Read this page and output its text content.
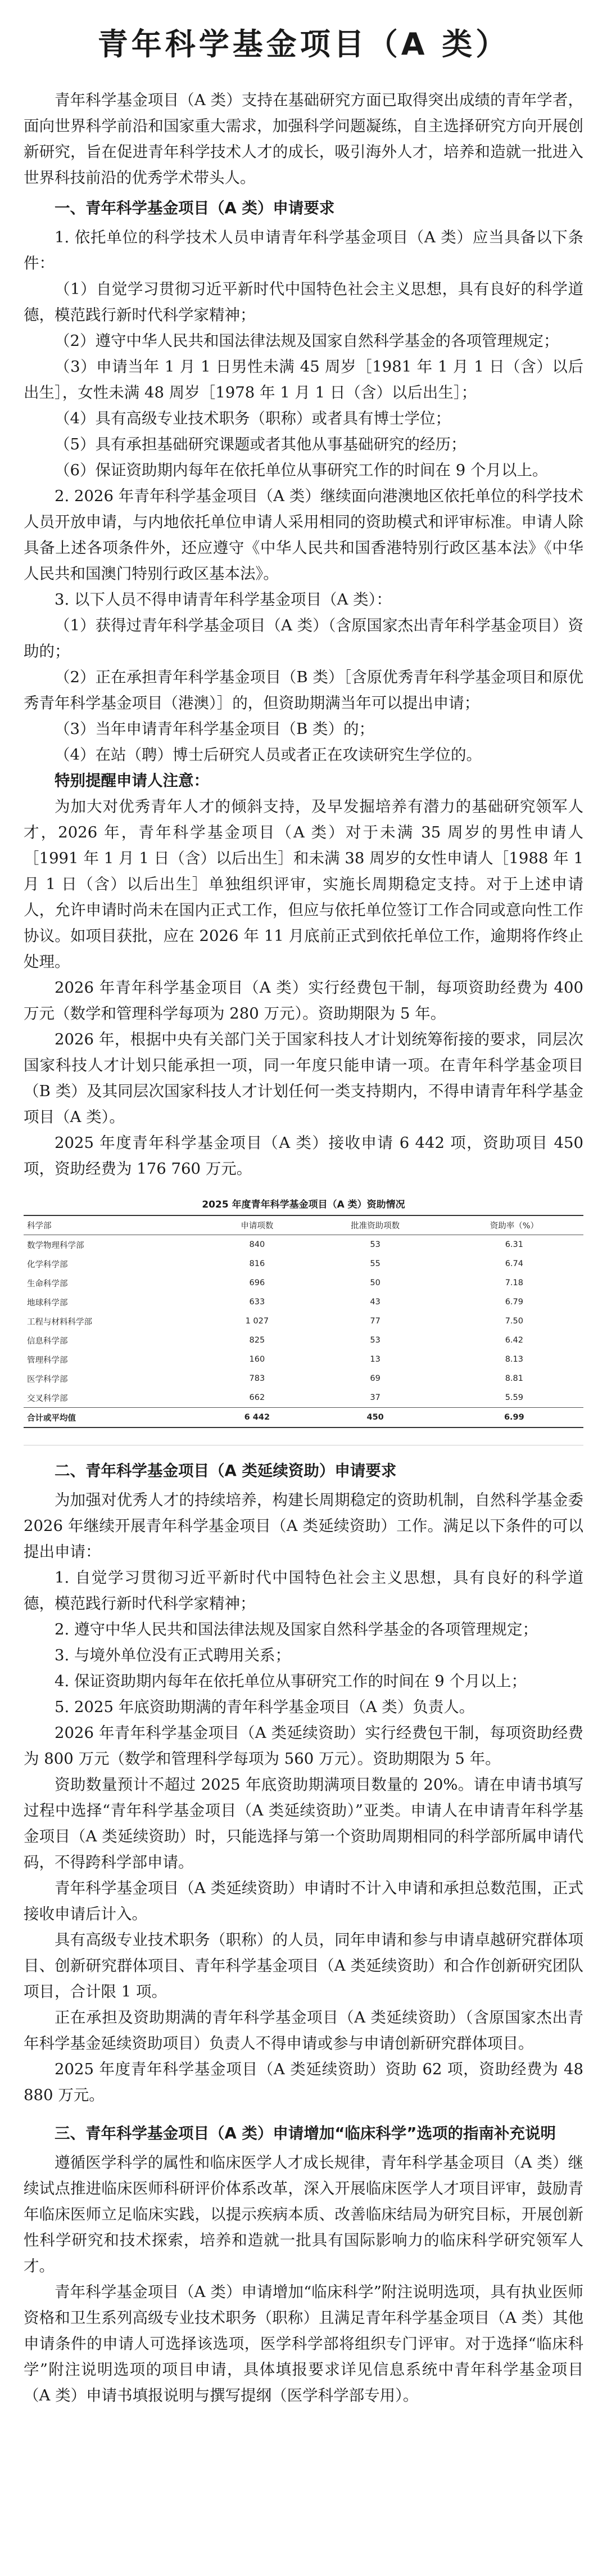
青年科学基金项目（A 类）

青年科学基金项目（A 类）支持在基础研究方面已取得突出成绩的青年学者，面向世界科学前沿和国家重大需求，加强科学问题凝练，自主选择研究方向开展创新研究，旨在促进青年科学技术人才的成长，吸引海外人才，培养和造就一批进入世界科技前沿的优秀学术带头人。

一、青年科学基金项目（A 类）申请要求

1. 依托单位的科学技术人员申请青年科学基金项目（A 类）应当具备以下条件：

（1）自觉学习贯彻习近平新时代中国特色社会主义思想，具有良好的科学道德，模范践行新时代科学家精神；

（2）遵守中华人民共和国法律法规及国家自然科学基金的各项管理规定；

（3）申请当年 1 月 1 日男性未满 45 周岁［1981 年 1 月 1 日（含）以后出生］，女性未满 48 周岁［1978 年 1 月 1 日（含）以后出生］；

（4）具有高级专业技术职务（职称）或者具有博士学位；

（5）具有承担基础研究课题或者其他从事基础研究的经历；

（6）保证资助期内每年在依托单位从事研究工作的时间在 9 个月以上。

2. 2026 年青年科学基金项目（A 类）继续面向港澳地区依托单位的科学技术人员开放申请，与内地依托单位申请人采用相同的资助模式和评审标准。申请人除具备上述各项条件外，还应遵守《中华人民共和国香港特别行政区基本法》《中华人民共和国澳门特别行政区基本法》。

3. 以下人员不得申请青年科学基金项目（A 类）：

（1）获得过青年科学基金项目（A 类）（含原国家杰出青年科学基金项目）资助的；

（2）正在承担青年科学基金项目（B 类）［含原优秀青年科学基金项目和原优秀青年科学基金项目（港澳）］的，但资助期满当年可以提出申请；

（3）当年申请青年科学基金项目（B 类）的；

（4）在站（聘）博士后研究人员或者正在攻读研究生学位的。

特别提醒申请人注意：

为加大对优秀青年人才的倾斜支持，及早发掘培养有潜力的基础研究领军人才，2026 年，青年科学基金项目（A 类）对于未满 35 周岁的男性申请人［1991 年 1 月 1 日（含）以后出生］和未满 38 周岁的女性申请人［1988 年 1 月 1 日（含）以后出生］单独组织评审，实施长周期稳定支持。对于上述申请人，允许申请时尚未在国内正式工作，但应与依托单位签订工作合同或意向性工作协议。如项目获批，应在 2026 年 11 月底前正式到依托单位工作，逾期将作终止处理。

2026 年青年科学基金项目（A 类）实行经费包干制，每项资助经费为 400 万元（数学和管理科学每项为 280 万元）。资助期限为 5 年。

2026 年，根据中央有关部门关于国家科技人才计划统筹衔接的要求，同层次国家科技人才计划只能承担一项，同一年度只能申请一项。在青年科学基金项目（B 类）及其同层次国家科技人才计划任何一类支持期内，不得申请青年科学基金项目（A 类）。

2025 年度青年科学基金项目（A 类）接收申请 6 442 项，资助项目 450 项，资助经费为 176 760 万元。

2025 年度青年科学基金项目（A 类）资助情况
科学部	申请项数	批准资助项数	资助率（%）
数学物理科学部	840	53	6.31
化学科学部	816	55	6.74
生命科学部	696	50	7.18
地球科学部	633	43	6.79
工程与材料科学部	1 027	77	7.50
信息科学部	825	53	6.42
管理科学部	160	13	8.13
医学科学部	783	69	8.81
交叉科学部	662	37	5.59
合计或平均值	6 442	450	6.99
二、青年科学基金项目（A 类延续资助）申请要求

为加强对优秀人才的持续培养，构建长周期稳定的资助机制，自然科学基金委 2026 年继续开展青年科学基金项目（A 类延续资助）工作。满足以下条件的可以提出申请：

1. 自觉学习贯彻习近平新时代中国特色社会主义思想，具有良好的科学道德，模范践行新时代科学家精神；

2. 遵守中华人民共和国法律法规及国家自然科学基金的各项管理规定；

3. 与境外单位没有正式聘用关系；

4. 保证资助期内每年在依托单位从事研究工作的时间在 9 个月以上；

5. 2025 年底资助期满的青年科学基金项目（A 类）负责人。

2026 年青年科学基金项目（A 类延续资助）实行经费包干制，每项资助经费为 800 万元（数学和管理科学每项为 560 万元）。资助期限为 5 年。

资助数量预计不超过 2025 年底资助期满项目数量的 20%。请在申请书填写过程中选择“青年科学基金项目（A 类延续资助）”亚类。申请人在申请青年科学基金项目（A 类延续资助）时，只能选择与第一个资助周期相同的科学部所属申请代码，不得跨科学部申请。

青年科学基金项目（A 类延续资助）申请时不计入申请和承担总数范围，正式接收申请后计入。

具有高级专业技术职务（职称）的人员，同年申请和参与申请卓越研究群体项目、创新研究群体项目、青年科学基金项目（A 类延续资助）和合作创新研究团队项目，合计限 1 项。

正在承担及资助期满的青年科学基金项目（A 类延续资助）（含原国家杰出青年科学基金延续资助项目）负责人不得申请或参与申请创新研究群体项目。

2025 年度青年科学基金项目（A 类延续资助）资助 62 项，资助经费为 48 880 万元。

三、青年科学基金项目（A 类）申请增加“临床科学”选项的指南补充说明

遵循医学科学的属性和临床医学人才成长规律，青年科学基金项目（A 类）继续试点推进临床医师科研评价体系改革，深入开展临床医学人才项目评审，鼓励青年临床医师立足临床实践，以提示疾病本质、改善临床结局为研究目标，开展创新性科学研究和技术探索，培养和造就一批具有国际影响力的临床科学研究领军人才。

青年科学基金项目（A 类）申请增加“临床科学”附注说明选项，具有执业医师资格和卫生系列高级专业技术职务（职称）且满足青年科学基金项目（A 类）其他申请条件的申请人可选择该选项，医学科学部将组织专门评审。对于选择“临床科学”附注说明选项的项目申请，具体填报要求详见信息系统中青年科学基金项目（A 类）申请书填报说明与撰写提纲（医学科学部专用）。
